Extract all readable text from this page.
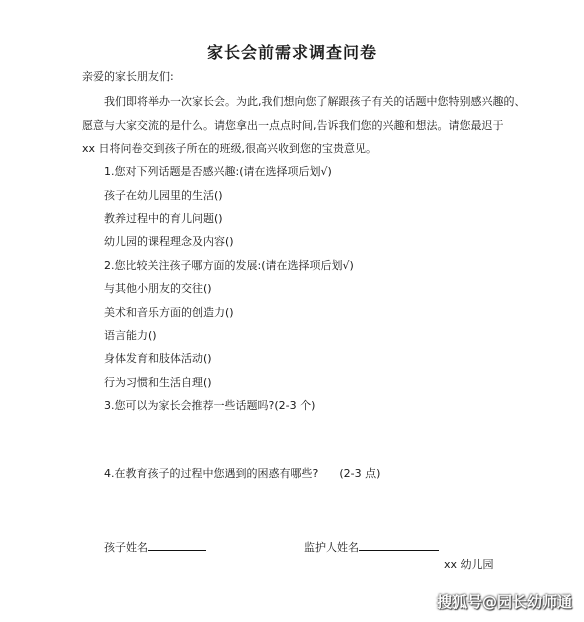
家长会前需求调查问卷
亲爱的家长朋友们:
我们即将举办一次家长会。为此,我们想向您了解跟孩子有关的话题中您特别感兴趣的、
愿意与大家交流的是什么。请您拿出一点点时间,告诉我们您的兴趣和想法。请您最迟于
xx 日将问卷交到孩子所在的班级,很高兴收到您的宝贵意见。
1.您对下列话题是否感兴趣:(请在选择项后划√)
孩子在幼儿园里的生活()
教养过程中的育儿问题()
幼儿园的课程理念及内容()
2.您比较关注孩子哪方面的发展:(请在选择项后划√)
与其他小朋友的交往()
美术和音乐方面的创造力()
语言能力()
身体发育和肢体活动()
行为习惯和生活自理()
3.您可以为家长会推荐一些话题吗?(2-3 个)
4.在教育孩子的过程中您遇到的困惑有哪些? (2-3 点)
孩子姓名	监护人姓名
xx 幼儿园
搜狐号@园长幼师通
